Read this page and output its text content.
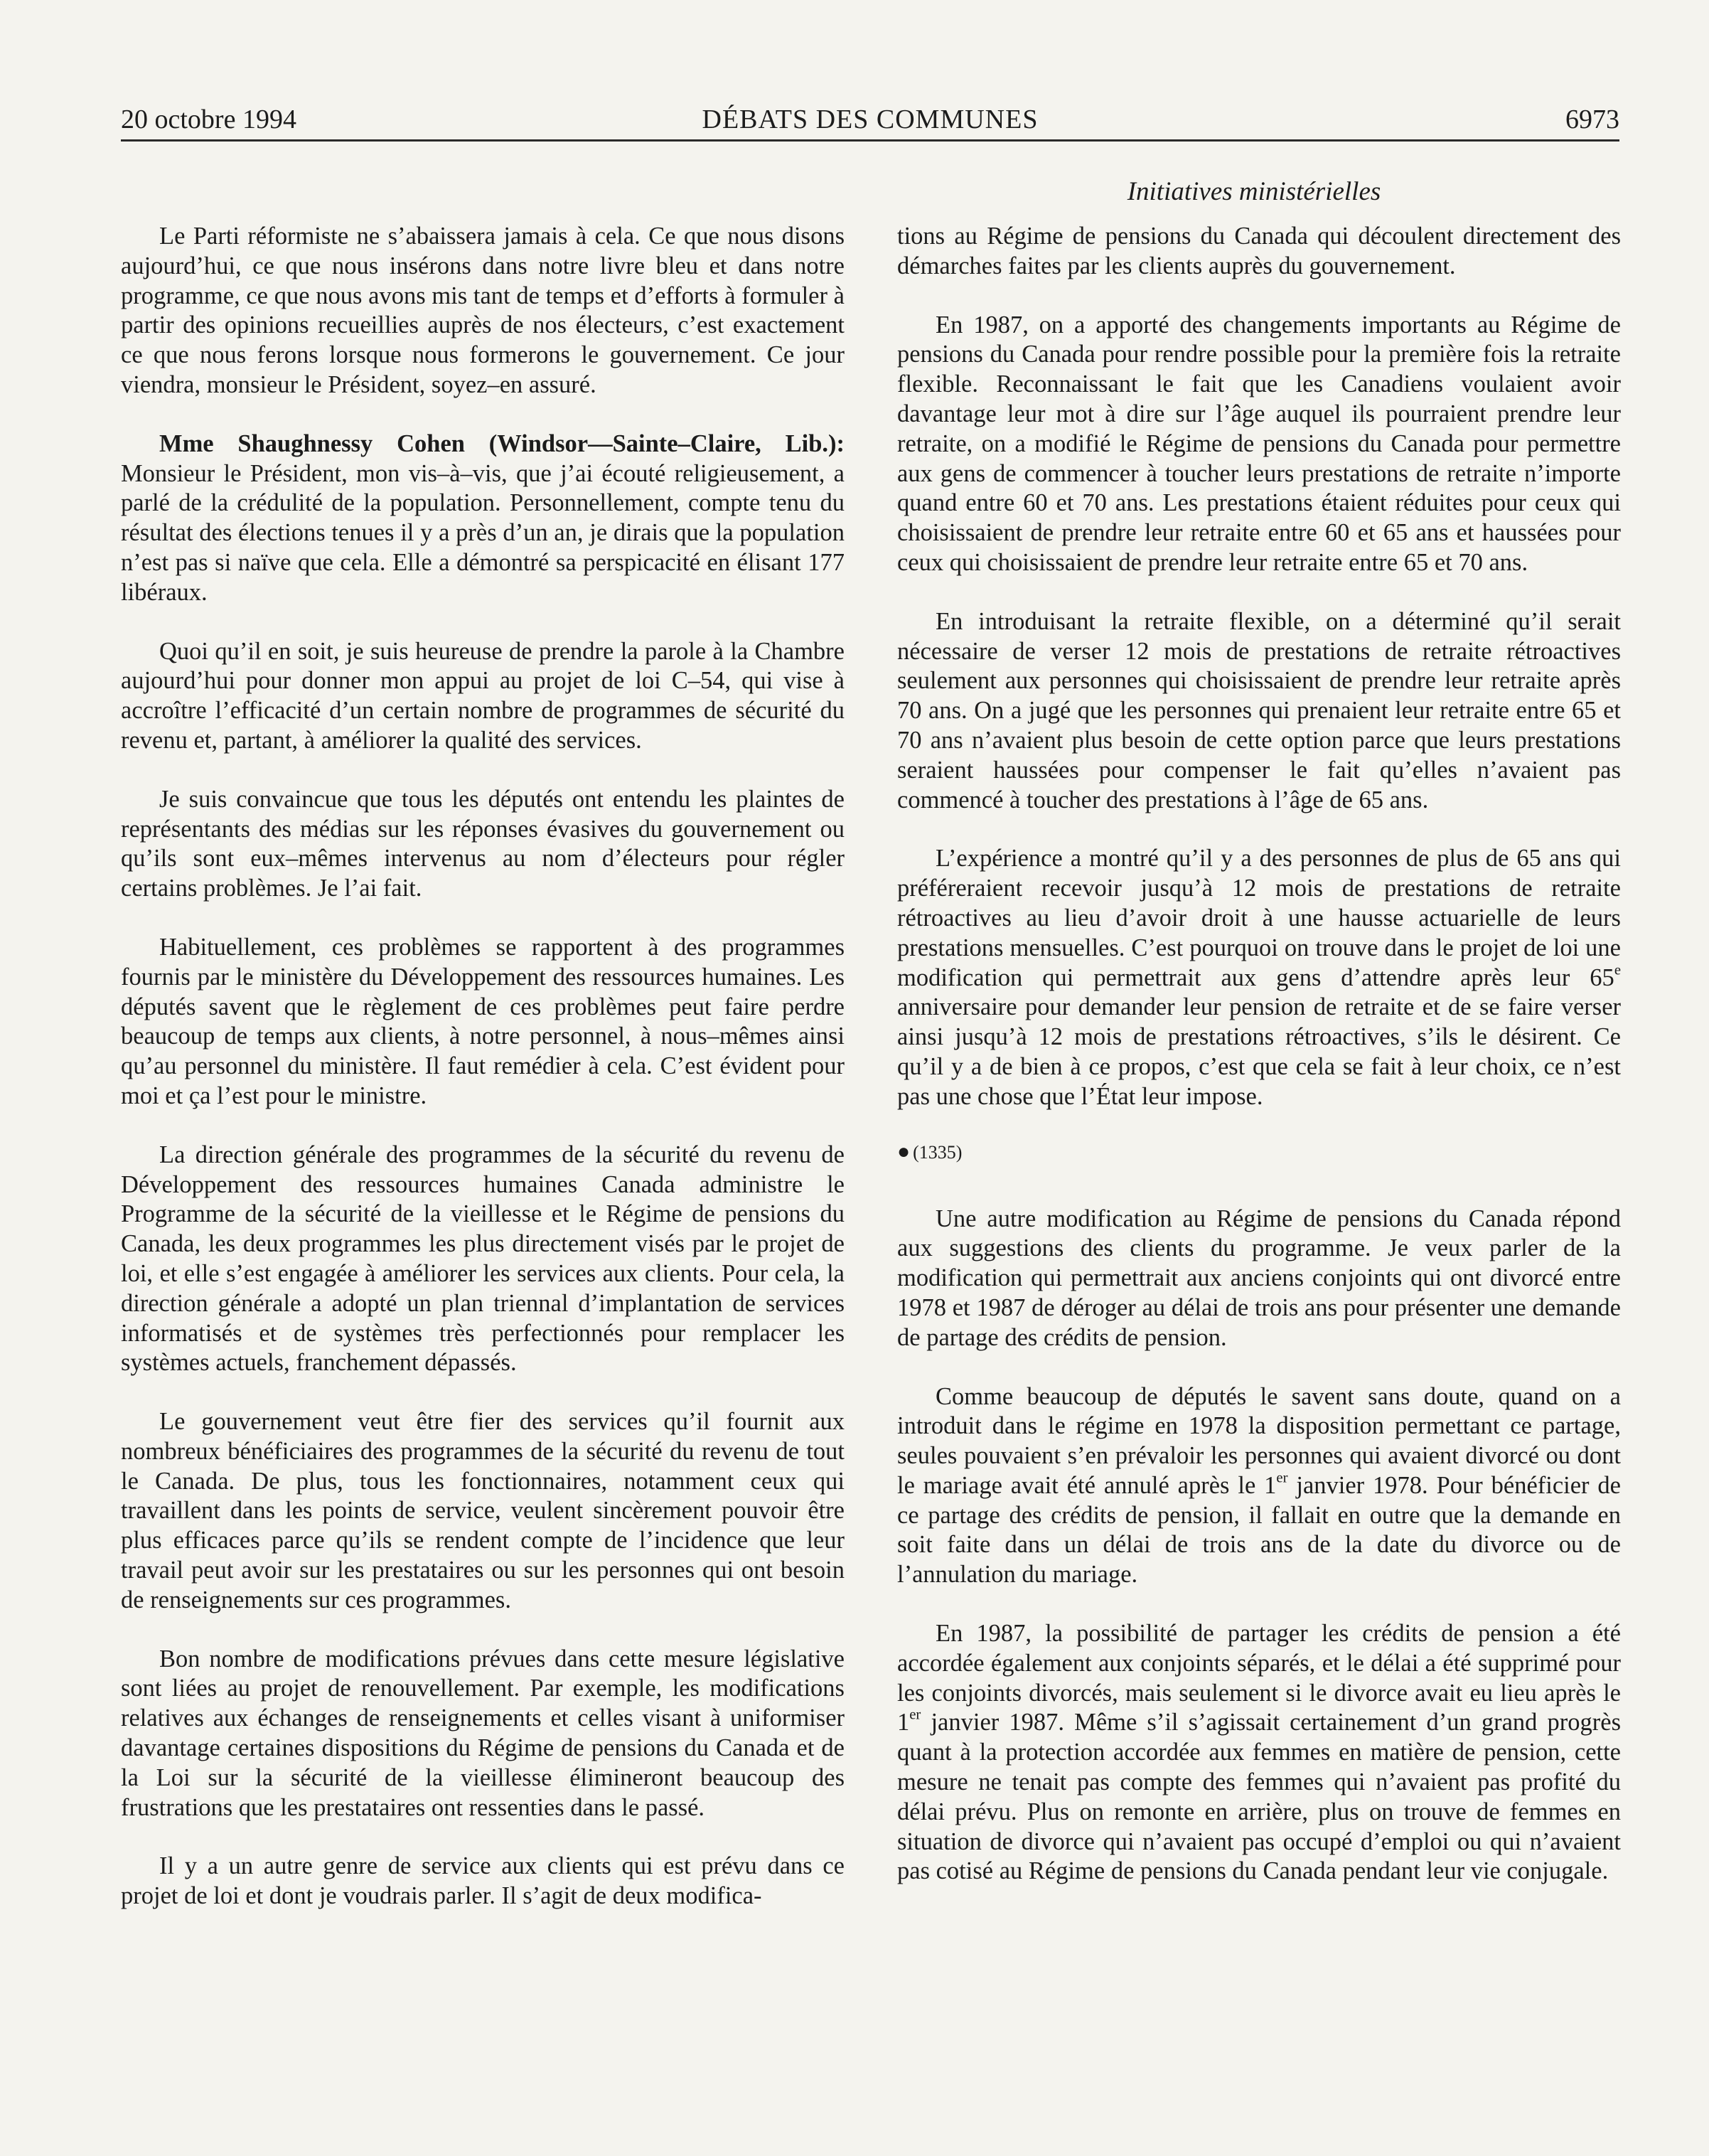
20 octobre 1994	DÉBATS DES COMMUNES	6973
Initiatives ministérielles

Le Parti réformiste ne s’abaissera jamais à cela. Ce que nous disons aujourd’hui, ce que nous insérons dans notre livre bleu et dans notre programme, ce que nous avons mis tant de temps et d’efforts à formuler à partir des opinions recueillies auprès de nos électeurs, c’est exactement ce que nous ferons lorsque nous formerons le gouvernement. Ce jour viendra, monsieur le Président, soyez–en assuré.

Mme Shaughnessy Cohen (Windsor—Sainte–Claire, Lib.): Monsieur le Président, mon vis–à–vis, que j’ai écouté religieusement, a parlé de la crédulité de la population. Personnellement, compte tenu du résultat des élections tenues il y a près d’un an, je dirais que la population n’est pas si naïve que cela. Elle a démontré sa perspicacité en élisant 177 libéraux.

Quoi qu’il en soit, je suis heureuse de prendre la parole à la Chambre aujourd’hui pour donner mon appui au projet de loi C–54, qui vise à accroître l’efficacité d’un certain nombre de programmes de sécurité du revenu et, partant, à améliorer la qualité des services.

Je suis convaincue que tous les députés ont entendu les plaintes de représentants des médias sur les réponses évasives du gouvernement ou qu’ils sont eux–mêmes intervenus au nom d’électeurs pour régler certains problèmes. Je l’ai fait.

Habituellement, ces problèmes se rapportent à des programmes fournis par le ministère du Développement des ressources humaines. Les députés savent que le règlement de ces problèmes peut faire perdre beaucoup de temps aux clients, à notre personnel, à nous–mêmes ainsi qu’au personnel du ministère. Il faut remédier à cela. C’est évident pour moi et ça l’est pour le ministre.

La direction générale des programmes de la sécurité du revenu de Développement des ressources humaines Canada administre le Programme de la sécurité de la vieillesse et le Régime de pensions du Canada, les deux programmes les plus directement visés par le projet de loi, et elle s’est engagée à améliorer les services aux clients. Pour cela, la direction générale a adopté un plan triennal d’implantation de services informatisés et de systèmes très perfectionnés pour remplacer les systèmes actuels, franchement dépassés.

Le gouvernement veut être fier des services qu’il fournit aux nombreux bénéficiaires des programmes de la sécurité du revenu de tout le Canada. De plus, tous les fonctionnaires, notamment ceux qui travaillent dans les points de service, veulent sincèrement pouvoir être plus efficaces parce qu’ils se rendent compte de l’incidence que leur travail peut avoir sur les prestataires ou sur les personnes qui ont besoin de renseignements sur ces programmes.

Bon nombre de modifications prévues dans cette mesure législative sont liées au projet de renouvellement. Par exemple, les modifications relatives aux échanges de renseignements et celles visant à uniformiser davantage certaines dispositions du Régime de pensions du Canada et de la Loi sur la sécurité de la vieillesse élimineront beaucoup des frustrations que les prestataires ont ressenties dans le passé.

Il y a un autre genre de service aux clients qui est prévu dans ce projet de loi et dont je voudrais parler. Il s’agit de deux modifica-

tions au Régime de pensions du Canada qui découlent directement des démarches faites par les clients auprès du gouvernement.

En 1987, on a apporté des changements importants au Régime de pensions du Canada pour rendre possible pour la première fois la retraite flexible. Reconnaissant le fait que les Canadiens voulaient avoir davantage leur mot à dire sur l’âge auquel ils pourraient prendre leur retraite, on a modifié le Régime de pensions du Canada pour permettre aux gens de commencer à toucher leurs prestations de retraite n’importe quand entre 60 et 70 ans. Les prestations étaient réduites pour ceux qui choisissaient de prendre leur retraite entre 60 et 65 ans et haussées pour ceux qui choisissaient de prendre leur retraite entre 65 et 70 ans.

En introduisant la retraite flexible, on a déterminé qu’il serait nécessaire de verser 12 mois de prestations de retraite rétroactives seulement aux personnes qui choisissaient de prendre leur retraite après 70 ans. On a jugé que les personnes qui prenaient leur retraite entre 65 et 70 ans n’avaient plus besoin de cette option parce que leurs prestations seraient haussées pour compenser le fait qu’elles n’avaient pas commencé à toucher des prestations à l’âge de 65 ans.

L’expérience a montré qu’il y a des personnes de plus de 65 ans qui préféreraient recevoir jusqu’à 12 mois de prestations de retraite rétroactives au lieu d’avoir droit à une hausse actuarielle de leurs prestations mensuelles. C’est pourquoi on trouve dans le projet de loi une modification qui permettrait aux gens d’attendre après leur 65e anniversaire pour demander leur pension de retraite et de se faire verser ainsi jusqu’à 12 mois de prestations rétroactives, s’ils le désirent. Ce qu’il y a de bien à ce propos, c’est que cela se fait à leur choix, ce n’est pas une chose que l’État leur impose.

● (1335)

Une autre modification au Régime de pensions du Canada répond aux suggestions des clients du programme. Je veux parler de la modification qui permettrait aux anciens conjoints qui ont divorcé entre 1978 et 1987 de déroger au délai de trois ans pour présenter une demande de partage des crédits de pension.

Comme beaucoup de députés le savent sans doute, quand on a introduit dans le régime en 1978 la disposition permettant ce partage, seules pouvaient s’en prévaloir les personnes qui avaient divorcé ou dont le mariage avait été annulé après le 1er janvier 1978. Pour bénéficier de ce partage des crédits de pension, il fallait en outre que la demande en soit faite dans un délai de trois ans de la date du divorce ou de l’annulation du mariage.

En 1987, la possibilité de partager les crédits de pension a été accordée également aux conjoints séparés, et le délai a été supprimé pour les conjoints divorcés, mais seulement si le divorce avait eu lieu après le 1er janvier 1987. Même s’il s’agissait certainement d’un grand progrès quant à la protection accordée aux femmes en matière de pension, cette mesure ne tenait pas compte des femmes qui n’avaient pas profité du délai prévu. Plus on remonte en arrière, plus on trouve de femmes en situation de divorce qui n’avaient pas occupé d’emploi ou qui n’avaient pas cotisé au Régime de pensions du Canada pendant leur vie conjugale.
